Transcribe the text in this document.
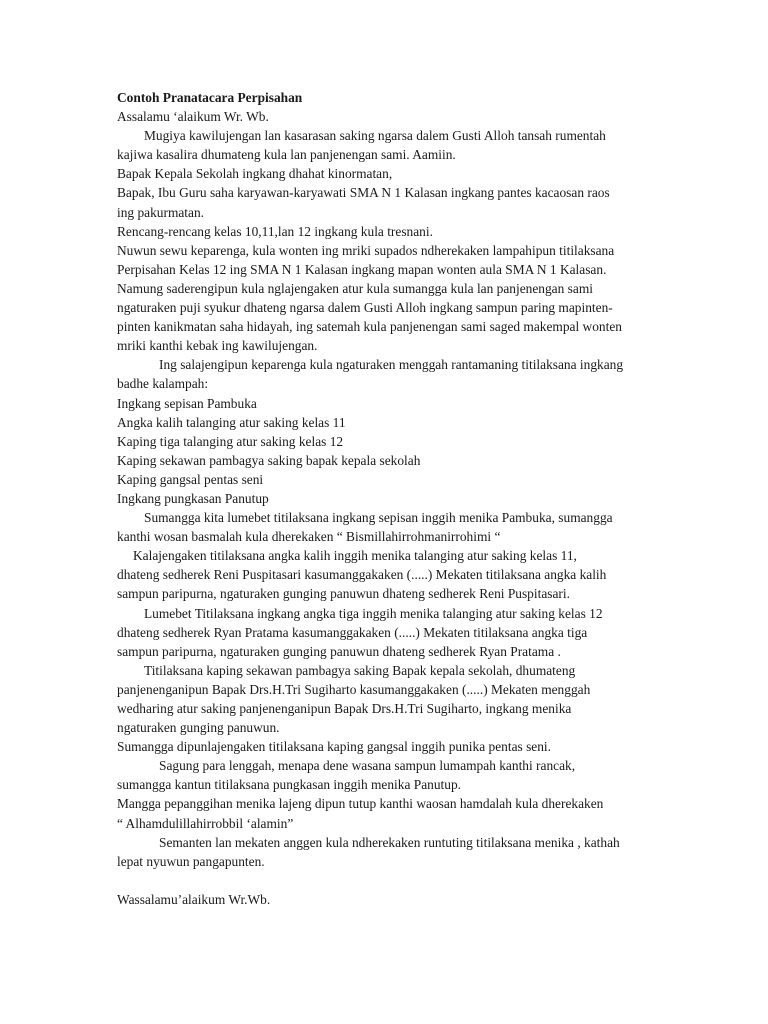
Contoh Pranatacara Perpisahan
Assalamu ‘alaikum Wr. Wb.
Mugiya kawilujengan lan kasarasan saking ngarsa dalem Gusti Alloh tansah rumentah
kajiwa kasalira dhumateng kula lan panjenengan sami. Aamiin.
Bapak Kepala Sekolah ingkang dhahat kinormatan,
Bapak, Ibu Guru saha karyawan-karyawati SMA N 1 Kalasan ingkang pantes kacaosan raos
ing pakurmatan.
Rencang-rencang kelas 10,11,lan 12 ingkang kula tresnani.
Nuwun sewu keparenga, kula wonten ing mriki supados ndherekaken lampahipun titilaksana
Perpisahan Kelas 12 ing SMA N 1 Kalasan ingkang mapan wonten aula SMA N 1 Kalasan.
Namung saderengipun kula nglajengaken atur kula sumangga kula lan panjenengan sami
ngaturaken puji syukur dhateng ngarsa dalem Gusti Alloh ingkang sampun paring mapinten-
pinten kanikmatan saha hidayah, ing satemah kula panjenengan sami saged makempal wonten
mriki kanthi kebak ing kawilujengan.
Ing salajengipun keparenga kula ngaturaken menggah rantamaning titilaksana ingkang
badhe kalampah:
Ingkang sepisan Pambuka
Angka kalih talanging atur saking kelas 11
Kaping tiga talanging atur saking kelas 12
Kaping sekawan pambagya saking bapak kepala sekolah
Kaping gangsal pentas seni
Ingkang pungkasan Panutup
Sumangga kita lumebet titilaksana ingkang sepisan inggih menika Pambuka, sumangga
kanthi wosan basmalah kula dherekaken “ Bismillahirrohmanirrohimi “
Kalajengaken titilaksana angka kalih inggih menika talanging atur saking kelas 11,
dhateng sedherek Reni Puspitasari kasumanggakaken (.....) Mekaten titilaksana angka kalih
sampun paripurna, ngaturaken gunging panuwun dhateng sedherek Reni Puspitasari.
Lumebet Titilaksana ingkang angka tiga inggih menika talanging atur saking kelas 12
dhateng sedherek Ryan Pratama kasumanggakaken (.....) Mekaten titilaksana angka tiga
sampun paripurna, ngaturaken gunging panuwun dhateng sedherek Ryan Pratama .
Titilaksana kaping sekawan pambagya saking Bapak kepala sekolah, dhumateng
panjenenganipun Bapak Drs.H.Tri Sugiharto kasumanggakaken (.....) Mekaten menggah
wedharing atur saking panjenenganipun Bapak Drs.H.Tri Sugiharto, ingkang menika
ngaturaken gunging panuwun.
Sumangga dipunlajengaken titilaksana kaping gangsal inggih punika pentas seni.
Sagung para lenggah, menapa dene wasana sampun lumampah kanthi rancak,
sumangga kantun titilaksana pungkasan inggih menika Panutup.
Mangga pepanggihan menika lajeng dipun tutup kanthi waosan hamdalah kula dherekaken
“ Alhamdulillahirrobbil ‘alamin”
Semanten lan mekaten anggen kula ndherekaken runtuting titilaksana menika , kathah
lepat nyuwun pangapunten.
Wassalamu’alaikum Wr.Wb.
